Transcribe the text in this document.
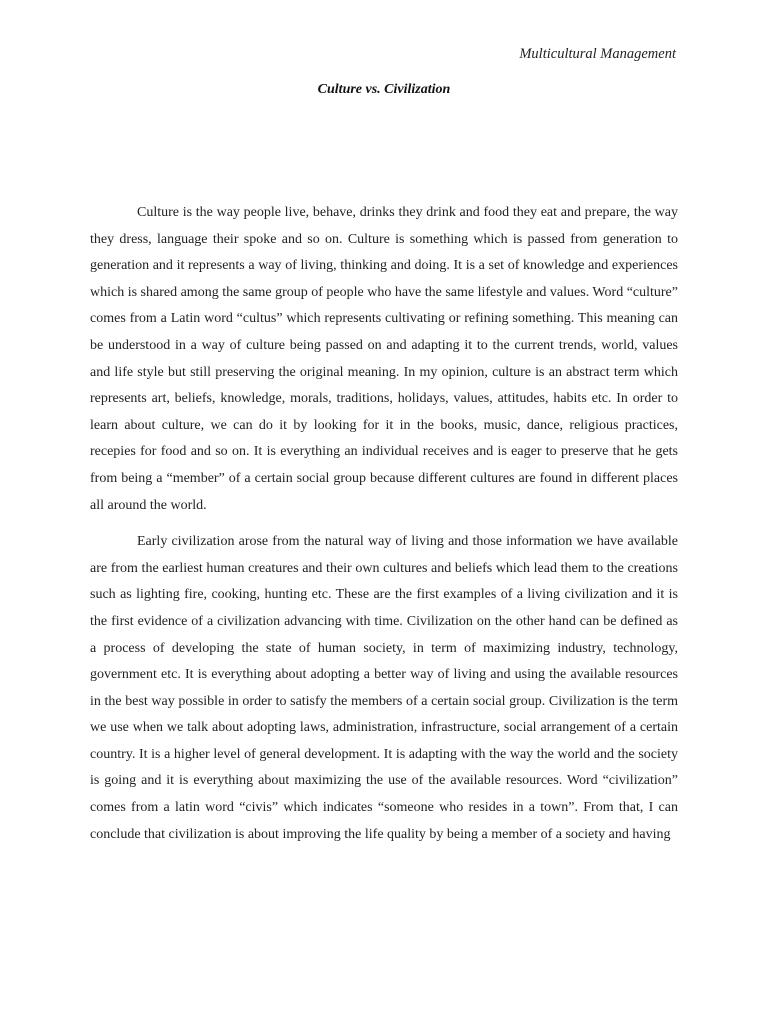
Multicultural Management
Culture vs. Civilization

Culture is the way people live, behave, drinks they drink and food they eat and prepare, the way they dress, language their spoke and so on. Culture is something which is passed from generation to generation and it represents a way of living, thinking and doing. It is a set of knowledge and experiences which is shared among the same group of people who have the same lifestyle and values. Word “culture” comes from a Latin word “cultus” which represents cultivating or refining something. This meaning can be understood in a way of culture being passed on and adapting it to the current trends, world, values and life style but still preserving the original meaning. In my opinion, culture is an abstract term which represents art, beliefs, knowledge, morals, traditions, holidays, values, attitudes, habits etc. In order to learn about culture, we can do it by looking for it in the books, music, dance, religious practices, recepies for food and so on. It is everything an individual receives and is eager to preserve that he gets from being a “member” of a certain social group because different cultures are found in different places all around the world.

Early civilization arose from the natural way of living and those information we have available are from the earliest human creatures and their own cultures and beliefs which lead them to the creations such as lighting fire, cooking, hunting etc. These are the first examples of a living civilization and it is the first evidence of a civilization advancing with time. Civilization on the other hand can be defined as a process of developing the state of human society, in term of maximizing industry, technology, government etc. It is everything about adopting a better way of living and using the available resources in the best way possible in order to satisfy the members of a certain social group. Civilization is the term we use when we talk about adopting laws, administration, infrastructure, social arrangement of a certain country. It is a higher level of general development. It is adapting with the way the world and the society is going and it is everything about maximizing the use of the available resources. Word “civilization” comes from a latin word “civis” which indicates “someone who resides in a town”. From that, I can conclude that civilization is about improving the life quality by being a member of a society and having
